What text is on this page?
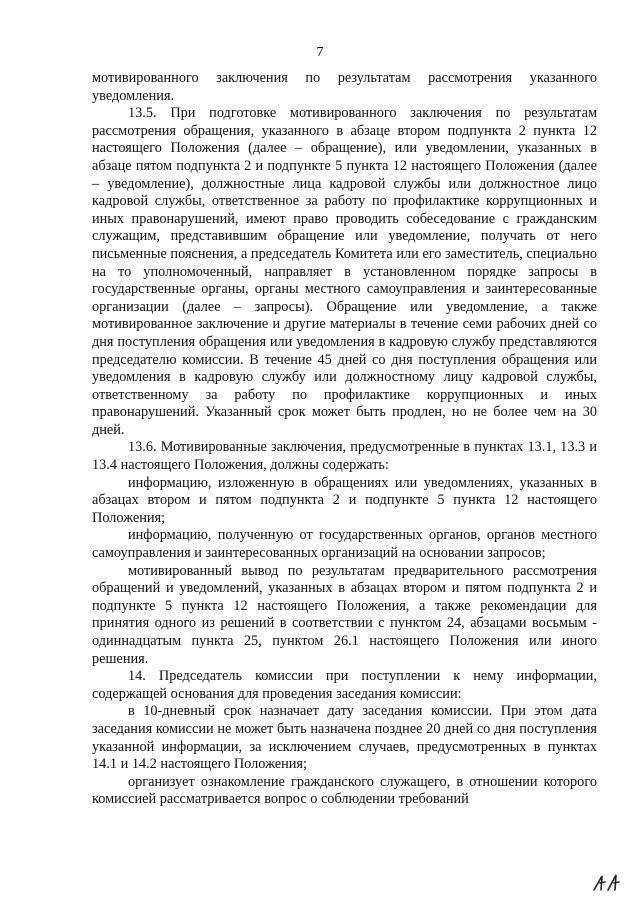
7

мотивированного заключения по результатам рассмотрения указанного уведомления.

13.5. При подготовке мотивированного заключения по результатам рассмотрения обращения, указанного в абзаце втором подпункта 2 пункта 12 настоящего Положения (далее – обращение), или уведомлении, указанных в абзаце пятом подпункта 2 и подпункте 5 пункта 12 настоящего Положения (далее – уведомление), должностные лица кадровой службы или должностное лицо кадровой службы, ответственное за работу по профилактике коррупционных и иных правонарушений, имеют право проводить собеседование с гражданским служащим, представившим обращение или уведомление, получать от него письменные пояснения, а председатель Комитета или его заместитель, специально на то уполномоченный, направляет в установленном порядке запросы в государственные органы, органы местного самоуправления и заинтересованные организации (далее – запросы). Обращение или уведомление, а также мотивированное заключение и другие материалы в течение семи рабочих дней со дня поступления обращения или уведомления в кадровую службу представляются председателю комиссии. В течение 45 дней со дня поступления обращения или уведомления в кадровую службу или должностному лицу кадровой службы, ответственному за работу по профилактике коррупционных и иных правонарушений. Указанный срок может быть продлен, но не более чем на 30 дней.

13.6. Мотивированные заключения, предусмотренные в пунктах 13.1, 13.3 и 13.4 настоящего Положения, должны содержать:

информацию, изложенную в обращениях или уведомлениях, указанных в абзацах втором и пятом подпункта 2 и подпункте 5 пункта 12 настоящего Положения;

информацию, полученную от государственных органов, органов местного самоуправления и заинтересованных организаций на основании запросов;

мотивированный вывод по результатам предварительного рассмотрения обращений и уведомлений, указанных в абзацах втором и пятом подпункта 2 и подпункте 5 пункта 12 настоящего Положения, а также рекомендации для принятия одного из решений в соответствии с пунктом 24, абзацами восьмым - одиннадцатым пункта 25, пунктом 26.1 настоящего Положения или иного решения.

14. Председатель комиссии при поступлении к нему информации, содержащей основания для проведения заседания комиссии:

в 10-дневный срок назначает дату заседания комиссии. При этом дата заседания комиссии не может быть назначена позднее 20 дней со дня поступления указанной информации, за исключением случаев, предусмотренных в пунктах 14.1 и 14.2 настоящего Положения;

организует ознакомление гражданского служащего, в отношении которого комиссией рассматривается вопрос о соблюдении требований
